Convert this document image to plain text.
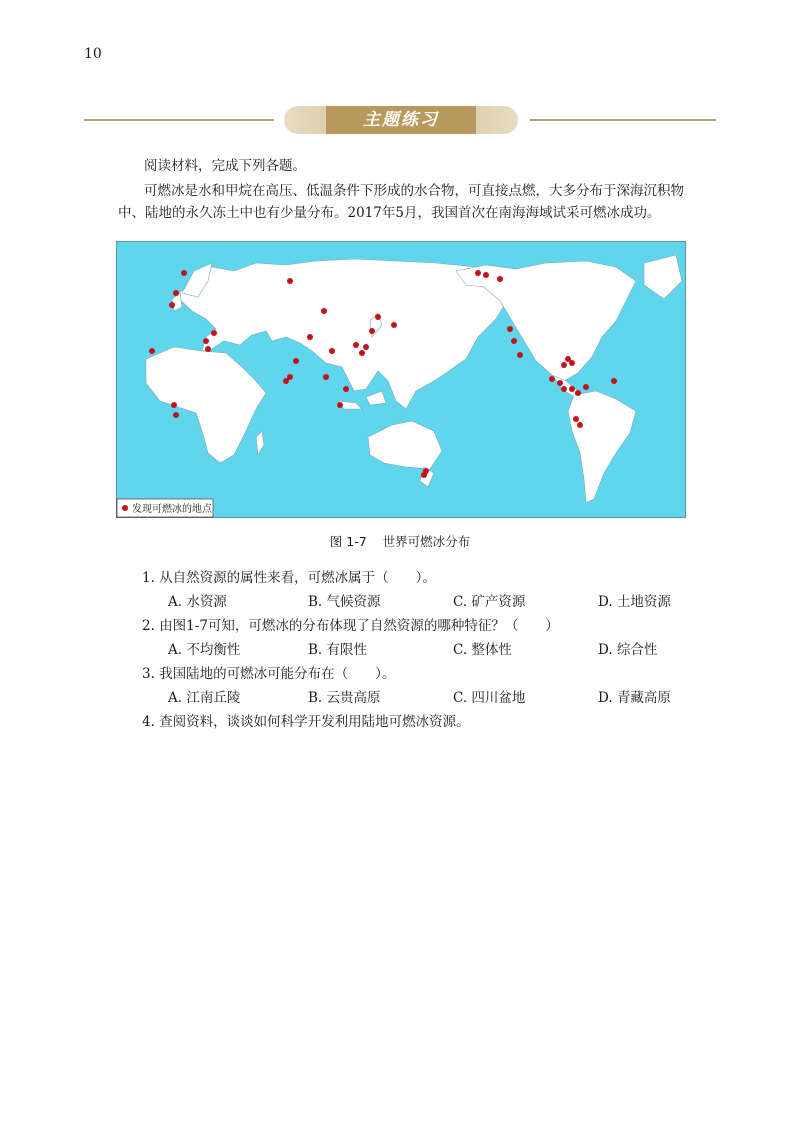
10
主题练习
阅读材料，完成下列各题。
可燃冰是水和甲烷在高压、低温条件下形成的水合物，可直接点燃，大多分布于深海沉积物
中、陆地的永久冻土中也有少量分布。2017年5月，我国首次在南海海域试采可燃冰成功。
发现可燃冰的地点
图 1-7 世界可燃冰分布
1. 从自然资源的属性来看，可燃冰属于（　　）。
A. 水资源	B. 气候资源	C. 矿产资源	D. 土地资源
2. 由图1-7可知，可燃冰的分布体现了自然资源的哪种特征？（　　）
A. 不均衡性	B. 有限性	C. 整体性	D. 综合性
3. 我国陆地的可燃冰可能分布在（　　）。
A. 江南丘陵	B. 云贵高原	C. 四川盆地	D. 青藏高原
4. 查阅资料，谈谈如何科学开发利用陆地可燃冰资源。
